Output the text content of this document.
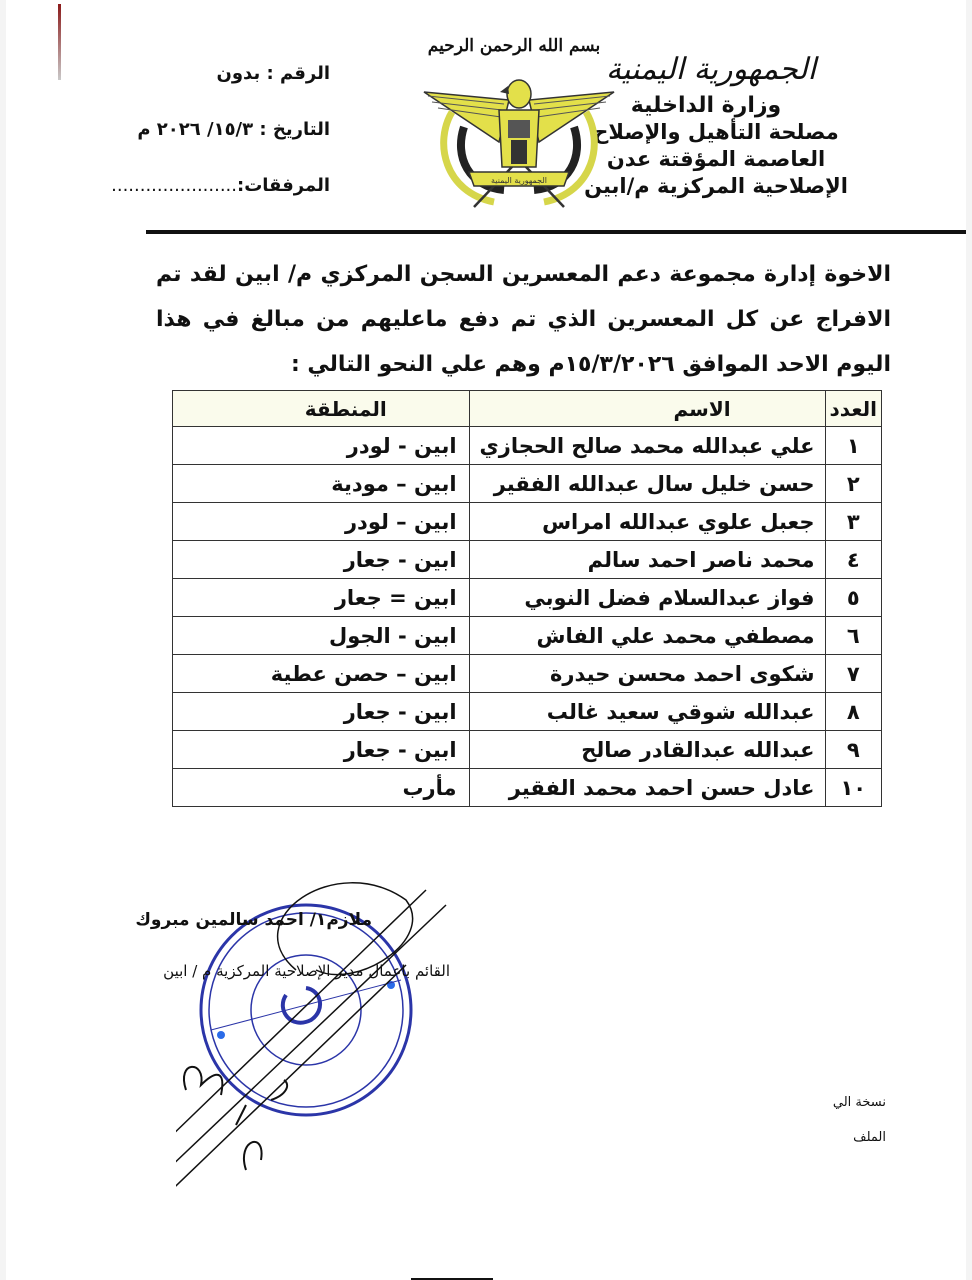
الجمهورية اليمنية
وزارة الداخلية
مصلحة التأهيل والإصلاح
العاصمة المؤقتة عدن
الإصلاحية المركزية م/ابين
بسم الله الرحمن الرحيم
الجمهورية اليمنية
الرقم : بدون
التاريخ : ١٥/٣/ ٢٠٢٦ م
المرفقات:......................
الاخوة إدارة مجموعة دعم المعسرين السجن المركزي م/ ابين لقد تم الافراج عن كل المعسرين الذي تم دفع ماعليهم من مبالغ في هذا اليوم الاحد الموافق ١٥/٣/٢٠٢٦م وهم علي النحو التالي :
العدد	الاسم	المنطقة
١	علي عبدالله محمد صالح الحجازي	ابين - لودر
٢	حسن خليل سال عبدالله الفقير	ابين – مودية
٣	جعبل علوي عبدالله امراس	ابين – لودر
٤	محمد ناصر احمد سالم	ابين - جعار
٥	فواز عبدالسلام فضل النوبي	ابين = جعار
٦	مصطفي محمد علي الفاش	ابين - الجول
٧	شكوى احمد محسن حيدرة	ابين – حصن عطية
٨	عبدالله شوقي سعيد غالب	ابين - جعار
٩	عبدالله عبدالقادر صالح	ابين - جعار
١٠	عادل حسن احمد محمد الفقير	مأرب
ملازم١/ احمد سالمين مبروك
القائم باعمال مدير الإصلاحية المركزية م / ابين
نسخة الي
الملف
